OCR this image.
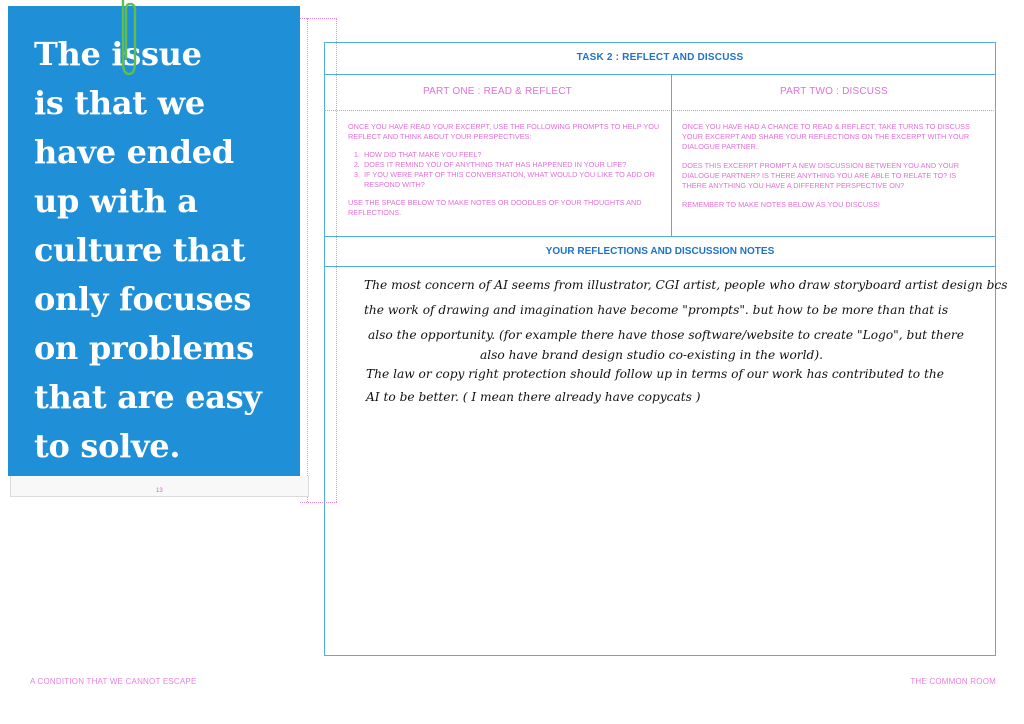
13
The issue
is that we
have ended
up with a
culture that
only focuses
on problems
that are easy
to solve.
TASK 2 : REFLECT AND DISCUSS
PART ONE : READ & REFLECT	PART TWO : DISCUSS

ONCE YOU HAVE READ YOUR EXCERPT, USE THE FOLLOWING PROMPTS TO HELP YOU REFLECT AND THINK ABOUT YOUR PERSPECTIVES:

1. HOW DID THAT MAKE YOU FEEL?
2. DOES IT REMIND YOU OF ANYTHING THAT HAS HAPPENED IN YOUR LIFE?
3. IF YOU WERE PART OF THIS CONVERSATION, WHAT WOULD YOU LIKE TO ADD OR RESPOND WITH?

USE THE SPACE BELOW TO MAKE NOTES OR DOODLES OF YOUR THOUGHTS AND REFLECTIONS.

ONCE YOU HAVE HAD A CHANCE TO READ & REFLECT, TAKE TURNS TO DISCUSS YOUR EXCERPT AND SHARE YOUR REFLECTIONS ON THE EXCERPT WITH YOUR DIALOGUE PARTNER.

DOES THIS EXCERPT PROMPT A NEW DISCUSSION BETWEEN YOU AND YOUR DIALOGUE PARTNER? IS THERE ANYTHING YOU ARE ABLE TO RELATE TO? IS THERE ANYTHING YOU HAVE A DIFFERENT PERSPECTIVE ON?

REMEMBER TO MAKE NOTES BELOW AS YOU DISCUSS!

YOUR REFLECTIONS AND DISCUSSION NOTES
The most concern of AI seems from illustrator, CGI artist, people who draw storyboard artist design bcs
the work of drawing and imagination have become "prompts". but how to be more than that is
also the opportunity. (for example there have those software/website to create "Logo", but there
also have brand design studio co-existing in the world).
The law or copy right protection should follow up in terms of our work has contributed to the
AI to be better. ( I mean there already have copycats )
A CONDITION THAT WE CANNOT ESCAPE	THE COMMON ROOM
